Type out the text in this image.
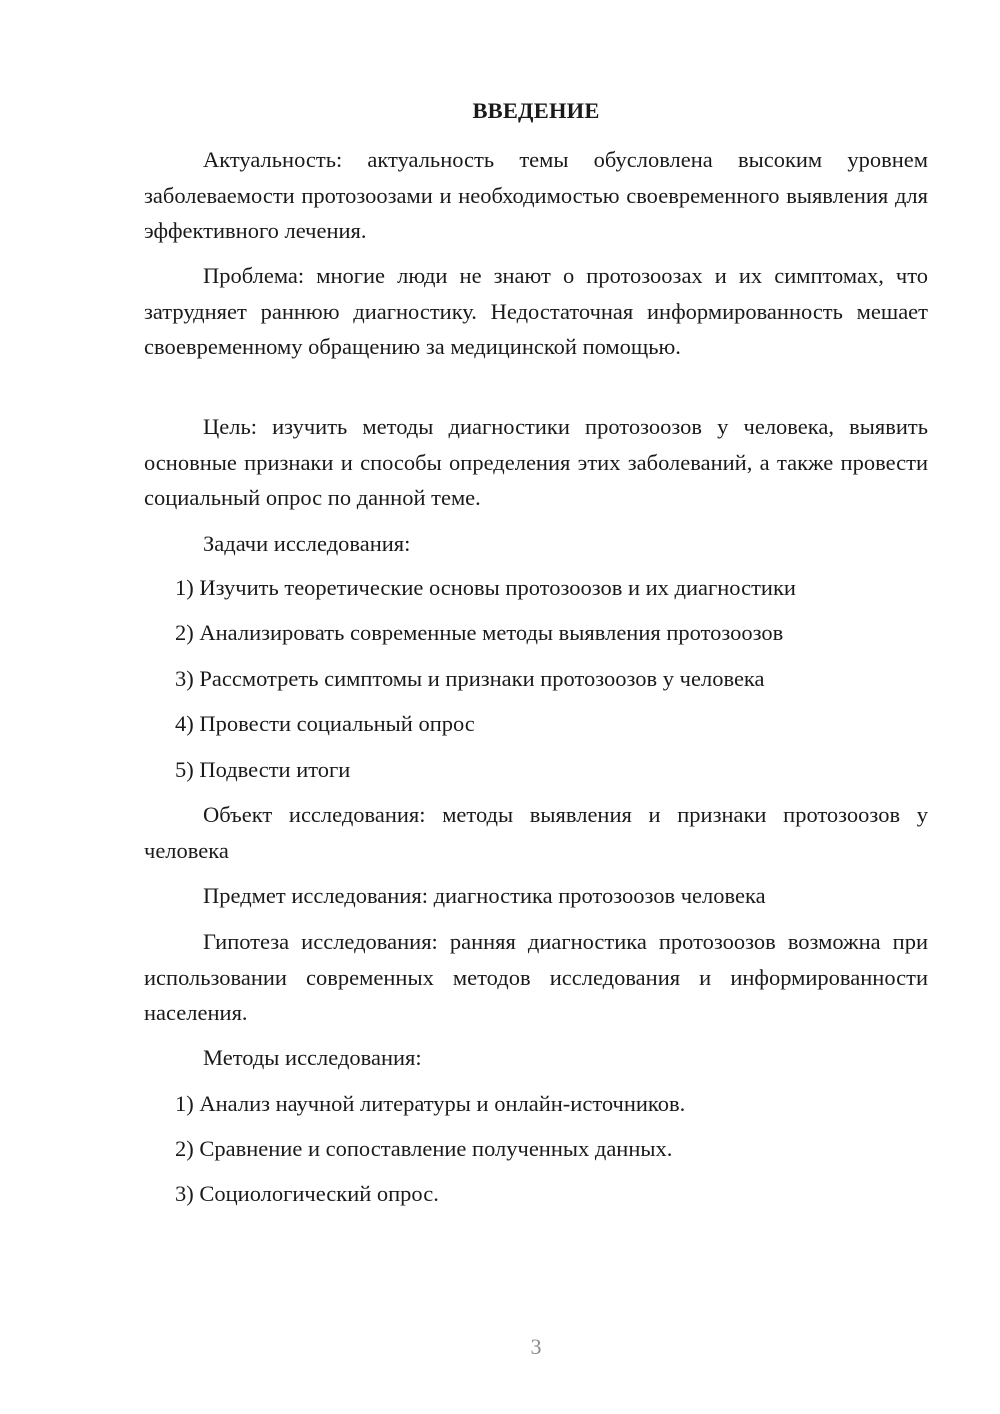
ВВЕДЕНИЕ

Актуальность: актуальность темы обусловлена высоким уровнем заболеваемости протозоозами и необходимостью своевременного выявления для эффективного лечения.

Проблема: многие люди не знают о протозоозах и их симптомах, что затрудняет раннюю диагностику. Недостаточная информированность мешает своевременному обращению за медицинской помощью.

Цель: изучить методы диагностики протозоозов у человека, выявить основные признаки и способы определения этих заболеваний, а также провести социальный опрос по данной теме.

Задачи исследования:

1) Изучить теоретические основы протозоозов и их диагностики

2) Анализировать современные методы выявления протозоозов

3) Рассмотреть симптомы и признаки протозоозов у человека

4) Провести социальный опрос

5) Подвести итоги

Объект исследования: методы выявления и признаки протозоозов у человека

Предмет исследования: диагностика протозоозов человека

Гипотеза исследования: ранняя диагностика протозоозов возможна при использовании современных методов исследования и информированности населения.

Методы исследования:

1) Анализ научной литературы и онлайн-источников.

2) Сравнение и сопоставление полученных данных.

3) Социологический опрос.

3
